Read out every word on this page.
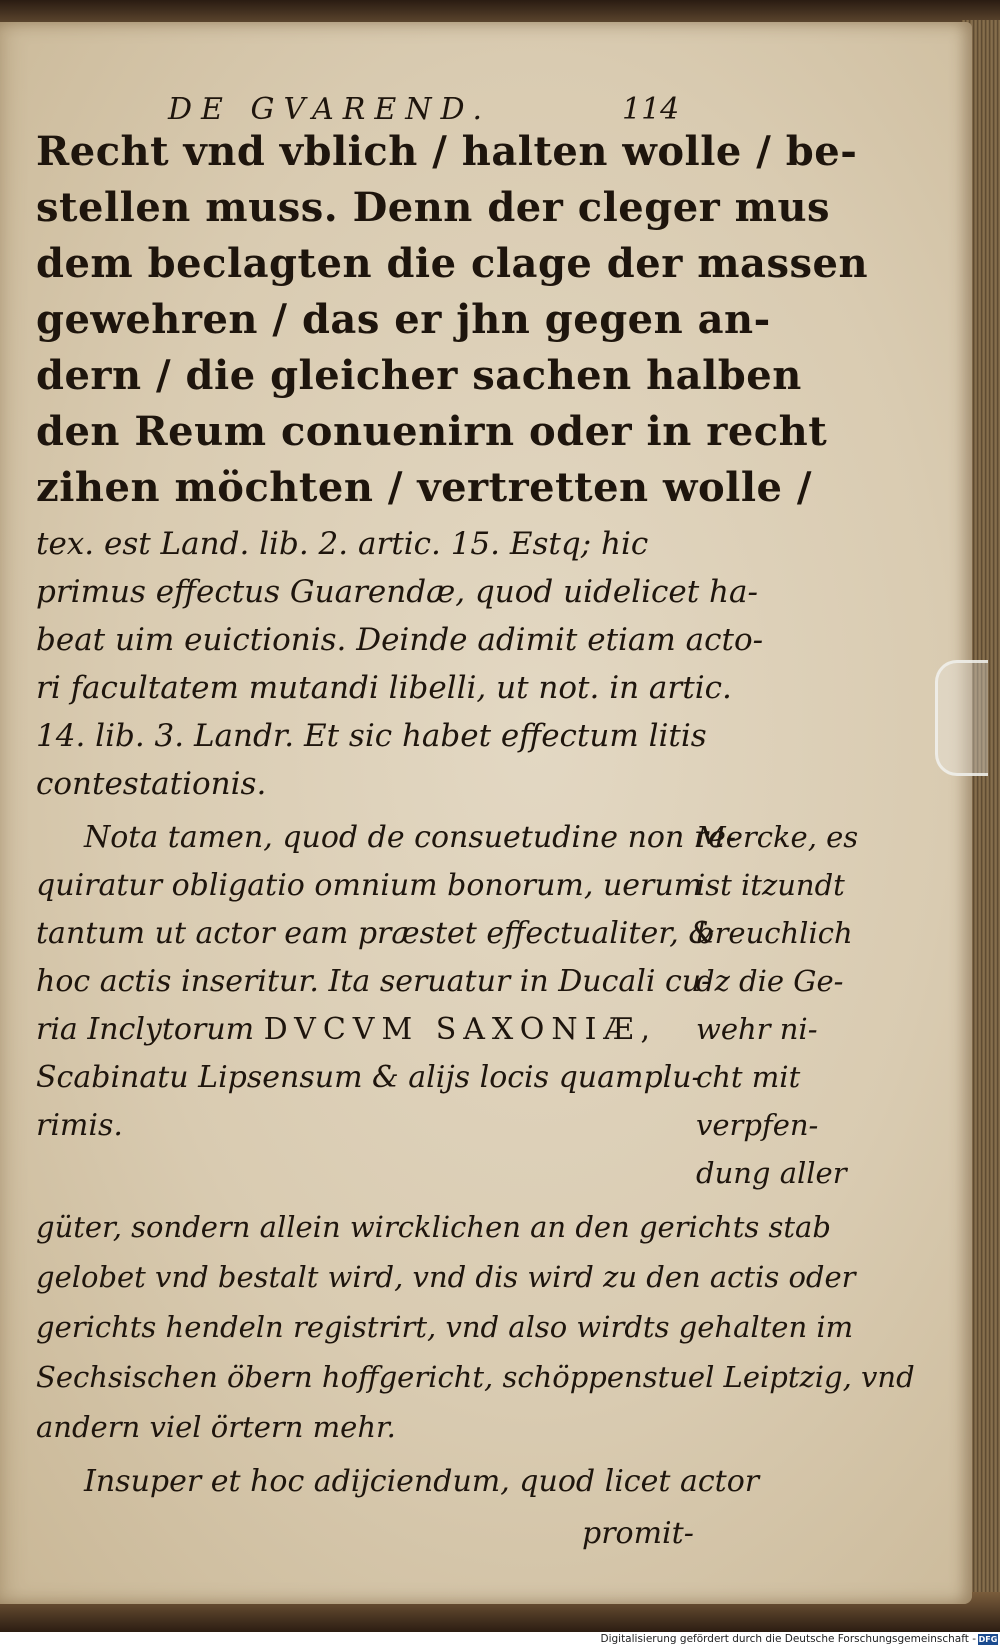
DE GVAREND.	114
Recht vnd vblich / halten wolle / be-
stellen muss. Denn der cleger mus
dem beclagten die clage der massen
gewehren / das er jhn gegen an-
dern / die gleicher sachen halben
den Reum conuenirn oder in recht
zihen möchten / vertretten wolle /
tex. est Land. lib. 2. artic. 15. Estq; hic
primus effectus Guarendæ, quod uidelicet ha-
beat uim euictionis. Deinde adimit etiam acto-
ri facultatem mutandi libelli, ut not. in artic.
14. lib. 3. Landr. Et sic habet effectum litis
contestationis.
Nota tamen, quod de consuetudine non re-
quiratur obligatio omnium bonorum, uerum
tantum ut actor eam præstet effectualiter, &
hoc actis inseritur. Ita seruatur in Ducali cu-
ria Inclytorum DVCVM SAXONIÆ,
Scabinatu Lipsensum & alijs locis quamplu-
rimis.
Mercke, es
ist itzundt
breuchlich
dz die Ge-
wehr ni-
cht mit
verpfen-
dung aller
güter, sondern allein wircklichen an den gerichts stab
gelobet vnd bestalt wird, vnd dis wird zu den actis oder
gerichts hendeln registrirt, vnd also wirdts gehalten im
Sechsischen öbern hoffgericht, schöppenstuel Leiptzig, vnd
andern viel örtern mehr.
Insuper et hoc adijciendum, quod licet actor
promit-
Digitalisierung gefördert durch die Deutsche Forschungsgemeinschaft - DFG
